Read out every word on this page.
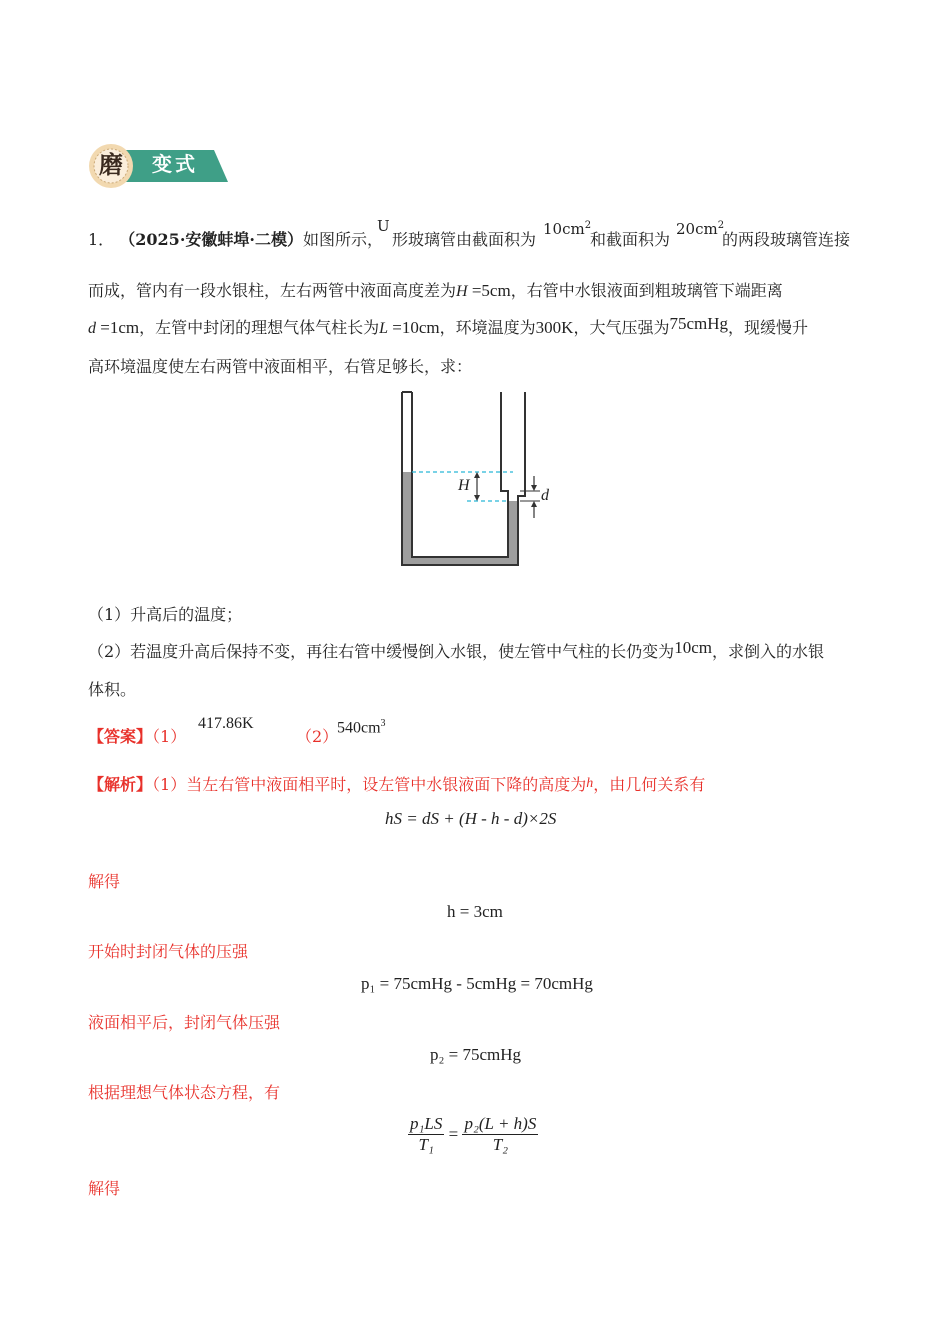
磨 变式
1． （2025·安徽蚌埠·二模）如图所示，
U
形玻璃管由截面积为
$10cm^2$
和截面积为
$20cm^2$
的两段玻璃管连接
而成，管内有一段水银柱，左右两管中液面高度差为H =5cm，右管中水银液面到粗玻璃管下端距离
d =1cm，左管中封闭的理想气体气柱长为L =10cm，环境温度为300K，大气压强为75cmHg，现缓慢升
高环境温度使左右两管中液面相平，右管足够长，求：
H
d
（1）升高后的温度；
（2）若温度升高后保持不变，再往右管中缓慢倒入水银，使左管中气柱的长仍变为10cm，求倒入的水银
体积。
【答案】（1）
417.86K
（2）
$540cm^3$
【解析】（1）当左右管中液面相平时，设左管中水银液面下降的高度为h，由几何关系有
hS = dS + (H - h - d)×2S
解得
h = 3cm
开始时封闭气体的压强
p₁ = 75cmHg - 5cmHg = 70cmHg
液面相平后，封闭气体压强
p₂ = 75cmHg
根据理想气体状态方程，有
$\frac{\text{p₁LS}}{\text{T₁}} = \frac{\text{p₂(L + h)S}}{\text{T₂}}$
解得
